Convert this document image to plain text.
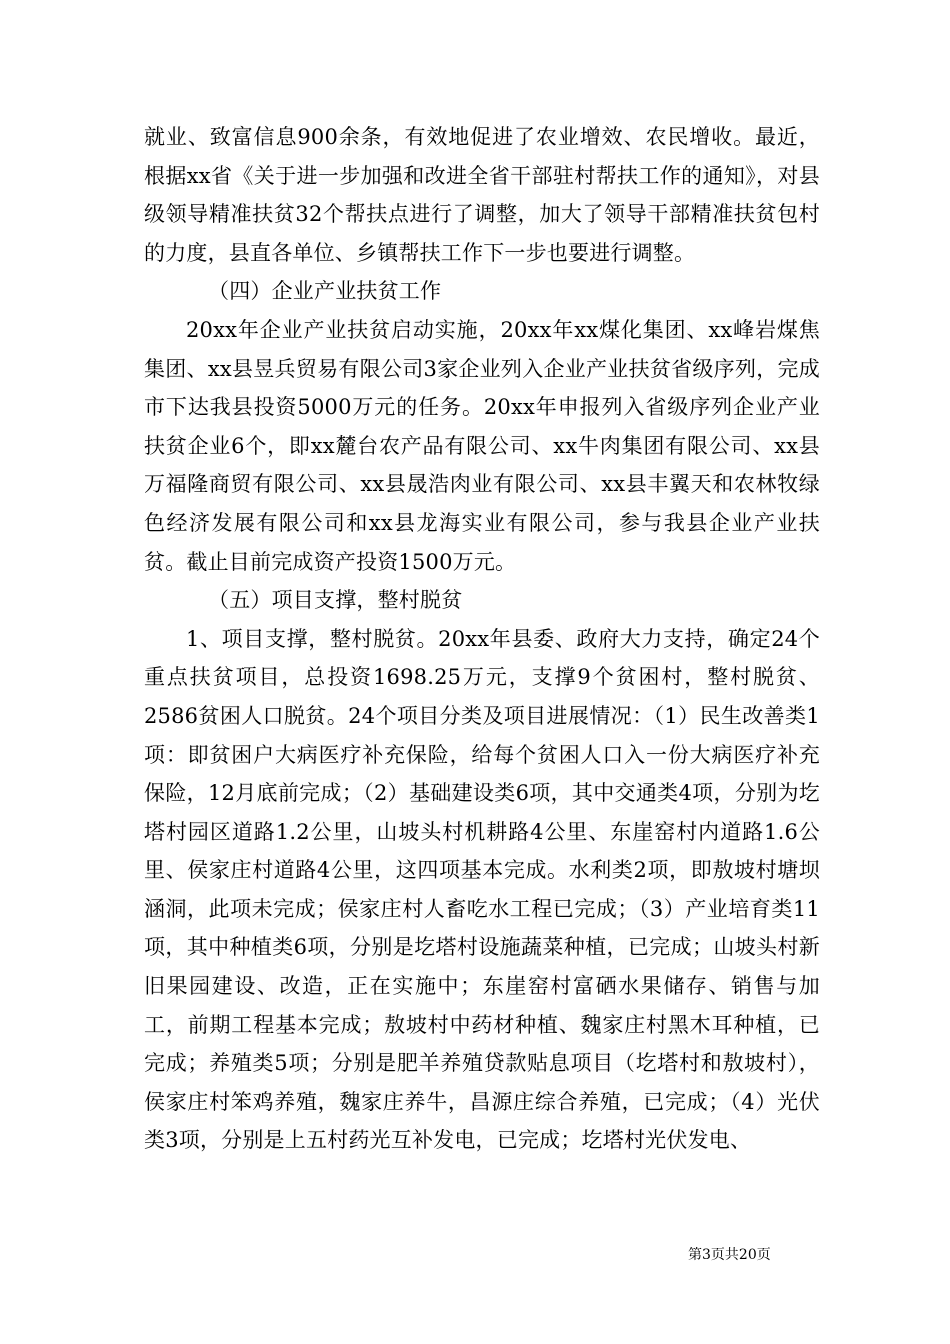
就业、致富信息900余条，有效地促进了农业增效、农民增收。最近，根据xx省《关于进一步加强和改进全省干部驻村帮扶工作的通知》，对县级领导精准扶贫32个帮扶点进行了调整，加大了领导干部精准扶贫包村的力度，县直各单位、乡镇帮扶工作下一步也要进行调整。

（四）企业产业扶贫工作

20xx年企业产业扶贫启动实施，20xx年xx煤化集团、xx峰岩煤焦集团、xx县昱兵贸易有限公司3家企业列入企业产业扶贫省级序列，完成市下达我县投资5000万元的任务。20xx年申报列入省级序列企业产业扶贫企业6个，即xx麓台农产品有限公司、xx牛肉集团有限公司、xx县万福隆商贸有限公司、xx县晟浩肉业有限公司、xx县丰翼天和农林牧绿色经济发展有限公司和xx县龙海实业有限公司，参与我县企业产业扶贫。截止目前完成资产投资1500万元。

（五）项目支撑，整村脱贫

1、项目支撑，整村脱贫。20xx年县委、政府大力支持，确定24个重点扶贫项目，总投资1698.25万元，支撑9个贫困村，整村脱贫、2586贫困人口脱贫。24个项目分类及项目进展情况：（1）民生改善类1项：即贫困户大病医疗补充保险，给每个贫困人口入一份大病医疗补充保险，12月底前完成；（2）基础建设类6项，其中交通类4项，分别为圪塔村园区道路1.2公里，山坡头村机耕路4公里、东崖窑村内道路1.6公里、侯家庄村道路4公里，这四项基本完成。水利类2项，即敖坡村塘坝涵洞，此项未完成；侯家庄村人畜吃水工程已完成；（3）产业培育类11项，其中种植类6项，分别是圪塔村设施蔬菜种植，已完成；山坡头村新旧果园建设、改造，正在实施中；东崖窑村富硒水果储存、销售与加工，前期工程基本完成；敖坡村中药材种植、魏家庄村黑木耳种植，已完成；养殖类5项；分别是肥羊养殖贷款贴息项目（圪塔村和敖坡村），侯家庄村笨鸡养殖，魏家庄养牛，昌源庄综合养殖，已完成；（4）光伏类3项，分别是上五村药光互补发电，已完成；圪塔村光伏发电、

第3页共20页
